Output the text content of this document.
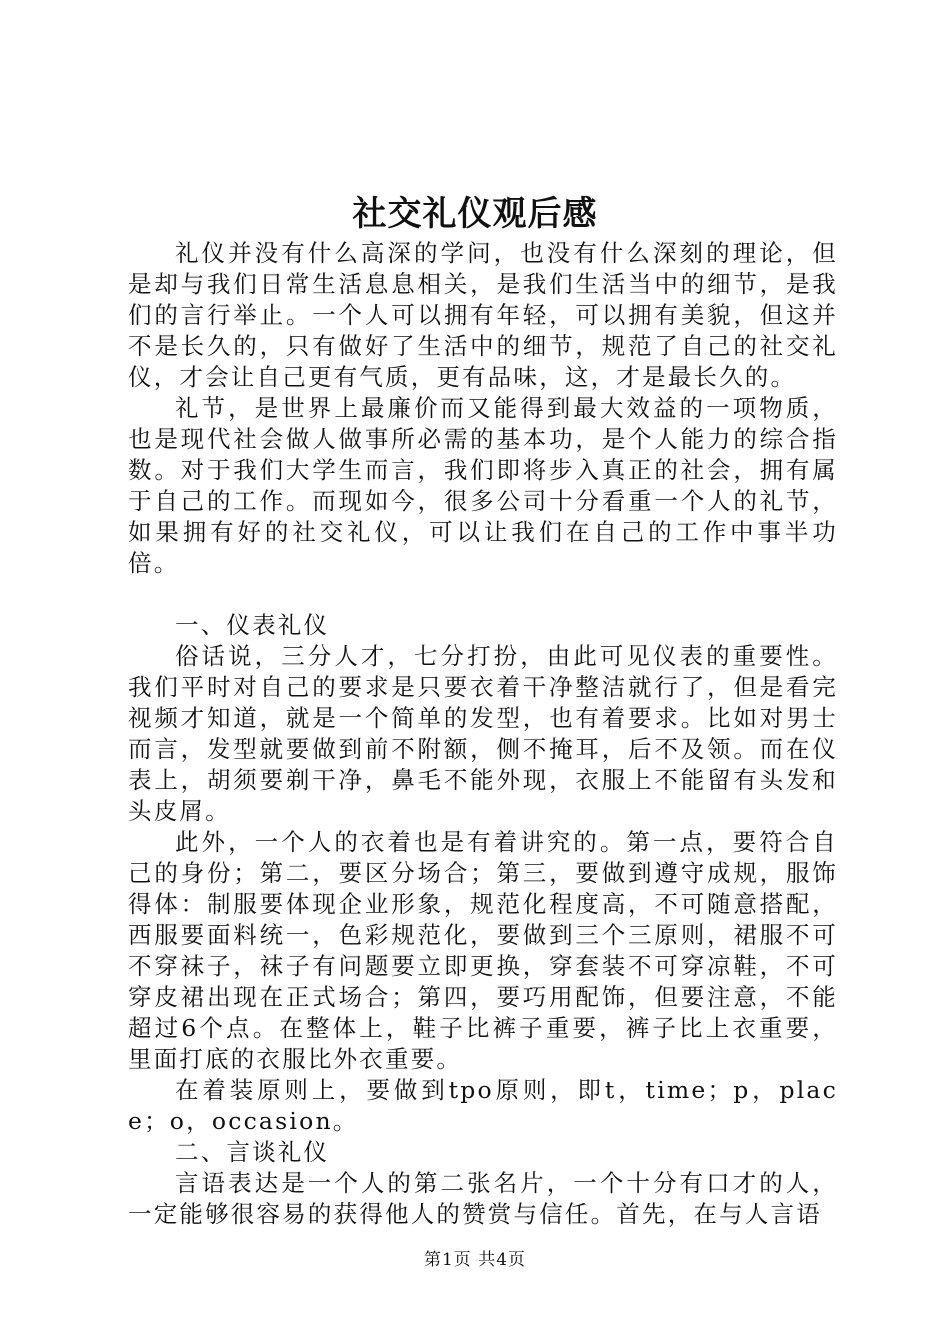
社交礼仪观后感

礼仪并没有什么高深的学问，也没有什么深刻的理论，但是却与我们日常生活息息相关，是我们生活当中的细节，是我们的言行举止。一个人可以拥有年轻，可以拥有美貌，但这并不是长久的，只有做好了生活中的细节，规范了自己的社交礼仪，才会让自己更有气质，更有品味，这，才是最长久的。

礼节，是世界上最廉价而又能得到最大效益的一项物质，也是现代社会做人做事所必需的基本功，是个人能力的综合指数。对于我们大学生而言，我们即将步入真正的社会，拥有属于自己的工作。而现如今，很多公司十分看重一个人的礼节，如果拥有好的社交礼仪，可以让我们在自己的工作中事半功倍。

一、仪表礼仪

俗话说，三分人才，七分打扮，由此可见仪表的重要性。我们平时对自己的要求是只要衣着干净整洁就行了，但是看完视频才知道，就是一个简单的发型，也有着要求。比如对男士而言，发型就要做到前不附额，侧不掩耳，后不及领。而在仪表上，胡须要剃干净，鼻毛不能外现，衣服上不能留有头发和头皮屑。

此外，一个人的衣着也是有着讲究的。第一点，要符合自己的身份；第二，要区分场合；第三，要做到遵守成规，服饰得体：制服要体现企业形象，规范化程度高，不可随意搭配，西服要面料统一，色彩规范化，要做到三个三原则，裙服不可不穿袜子，袜子有问题要立即更换，穿套装不可穿凉鞋，不可穿皮裙出现在正式场合；第四，要巧用配饰，但要注意，不能超过6个点。在整体上，鞋子比裤子重要，裤子比上衣重要，里面打底的衣服比外衣重要。

在着装原则上，要做到tpo原则，即t，time；p，place；o，occasion。

二、言谈礼仪

言语表达是一个人的第二张名片，一个十分有口才的人，一定能够很容易的获得他人的赞赏与信任。首先，在与人言语

第1页 共4页
